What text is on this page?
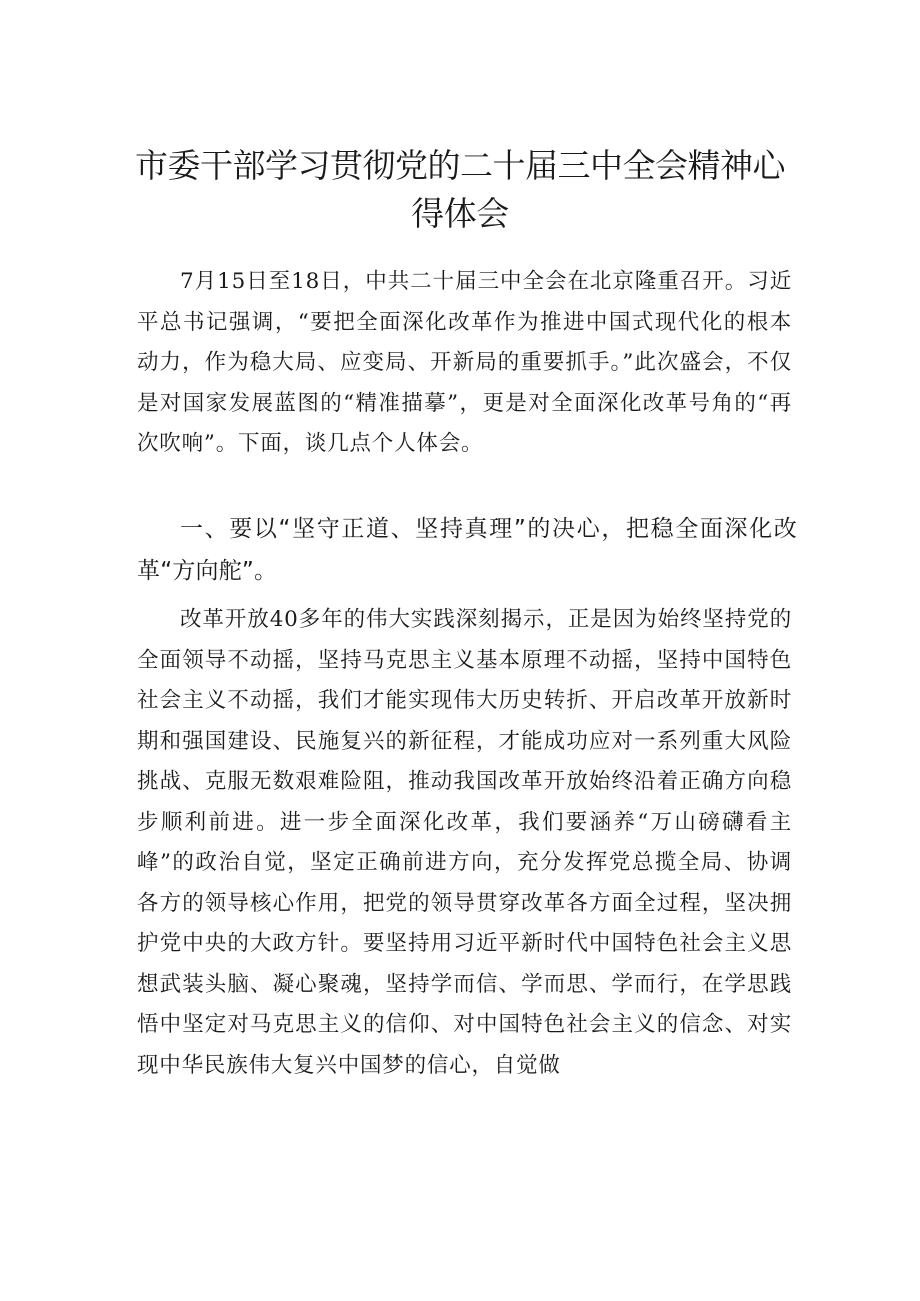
市委干部学习贯彻党的二十届三中全会精神心得体会

7月15日至18日，中共二十届三中全会在北京隆重召开。习近平总书记强调，“要把全面深化改革作为推进中国式现代化的根本动力，作为稳大局、应变局、开新局的重要抓手。”此次盛会，不仅是对国家发展蓝图的“精准描摹”，更是对全面深化改革号角的“再次吹响”。下面，谈几点个人体会。

一、要以“坚守正道、坚持真理”的决心，把稳全面深化改革“方向舵”。

改革开放40多年的伟大实践深刻揭示，正是因为始终坚持党的全面领导不动摇，坚持马克思主义基本原理不动摇，坚持中国特色社会主义不动摇，我们才能实现伟大历史转折、开启改革开放新时期和强国建设、民施复兴的新征程，才能成功应对一系列重大风险挑战、克服无数艰难险阻，推动我国改革开放始终沿着正确方向稳步顺利前进。进一步全面深化改革，我们要涵养“万山磅礴看主峰”的政治自觉，坚定正确前进方向，充分发挥党总揽全局、协调各方的领导核心作用，把党的领导贯穿改革各方面全过程，坚决拥护党中央的大政方针。要坚持用习近平新时代中国特色社会主义思想武装头脑、凝心聚魂，坚持学而信、学而思、学而行，在学思践悟中坚定对马克思主义的信仰、对中国特色社会主义的信念、对实现中华民族伟大复兴中国梦的信心，自觉做
